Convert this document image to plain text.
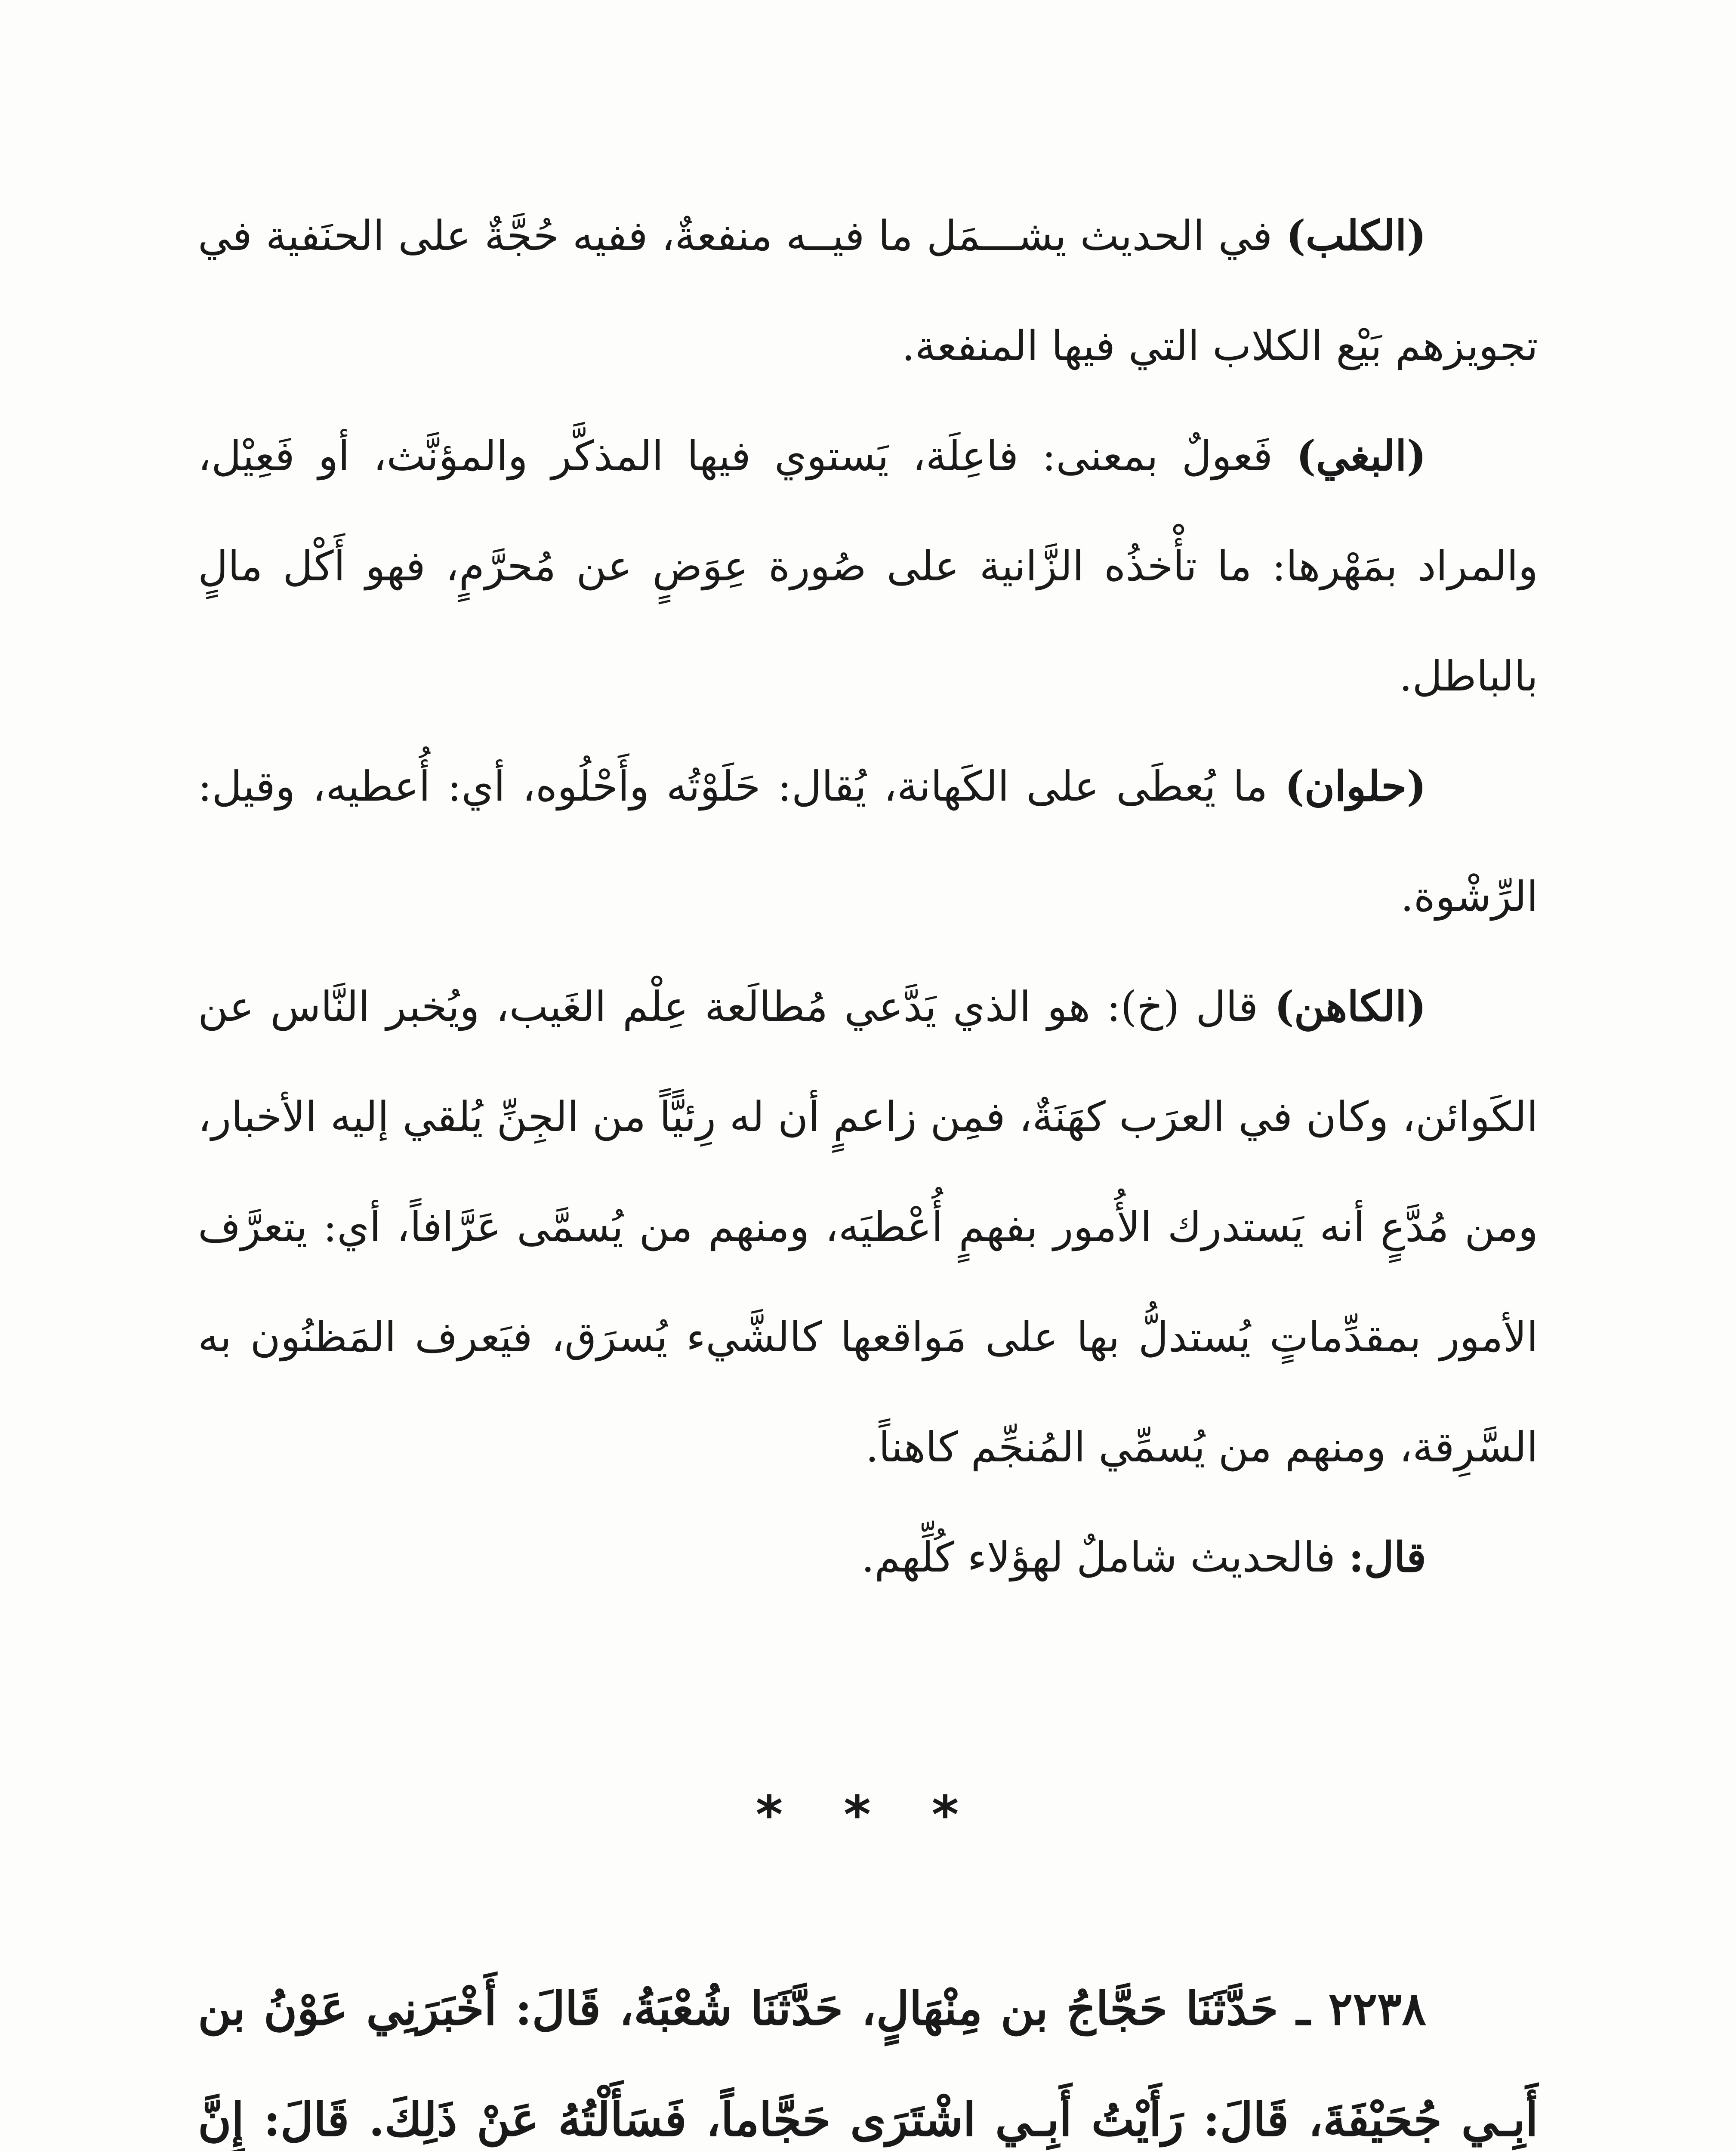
(الكلب) في الحديث يشـــمَل ما فيــه منفعةٌ، ففيه حُجَّةٌ على الحنَفية في تجويزهم بَيْع الكلاب التي فيها المنفعة.

(البغي) فَعولٌ بمعنى: فاعِلَة، يَستوي فيها المذكَّر والمؤنَّث، أو فَعِيْل، والمراد بمَهْرها: ما تأْخذُه الزَّانية على صُورة عِوَضٍ عن مُحرَّمٍ، فهو أَكْل مالٍ بالباطل.

(حلوان) ما يُعطَى على الكَهانة، يُقال: حَلَوْتُه وأَحْلُوه، أي: أُعطيه، وقيل: الرِّشْوة.

(الكاهن) قال (خ): هو الذي يَدَّعي مُطالَعة عِلْم الغَيب، ويُخبر النَّاس عن الكَوائن، وكان في العرَب كهَنَةٌ، فمِن زاعمٍ أن له رِئيًّاً من الجِنِّ يُلقي إليه الأخبار، ومن مُدَّعٍ أنه يَستدرك الأُمور بفهمٍ أُعْطيَه، ومنهم من يُسمَّى عَرَّافاً، أي: يتعرَّف الأمور بمقدِّماتٍ يُستدلُّ بها على مَواقعها كالشَّيء يُسرَق، فيَعرف المَظنُون به السَّرِقة، ومنهم من يُسمِّي المُنجِّم كاهناً.

قال: فالحديث شاملٌ لهؤلاء كُلِّهم.

* * *

٢٢٣٨ ـ حَدَّثَنَا حَجَّاجُ بن مِنْهَالٍ، حَدَّثَنَا شُعْبَةُ، قَالَ: أَخْبَرَنِي عَوْنُ بن أَبِـي جُحَيْفَةَ، قَالَ: رَأَيْتُ أَبِـي اشْتَرَى حَجَّاماً، فَسَأَلْتُهُ عَنْ ذَلِكَ. قَالَ: إِنَّ
